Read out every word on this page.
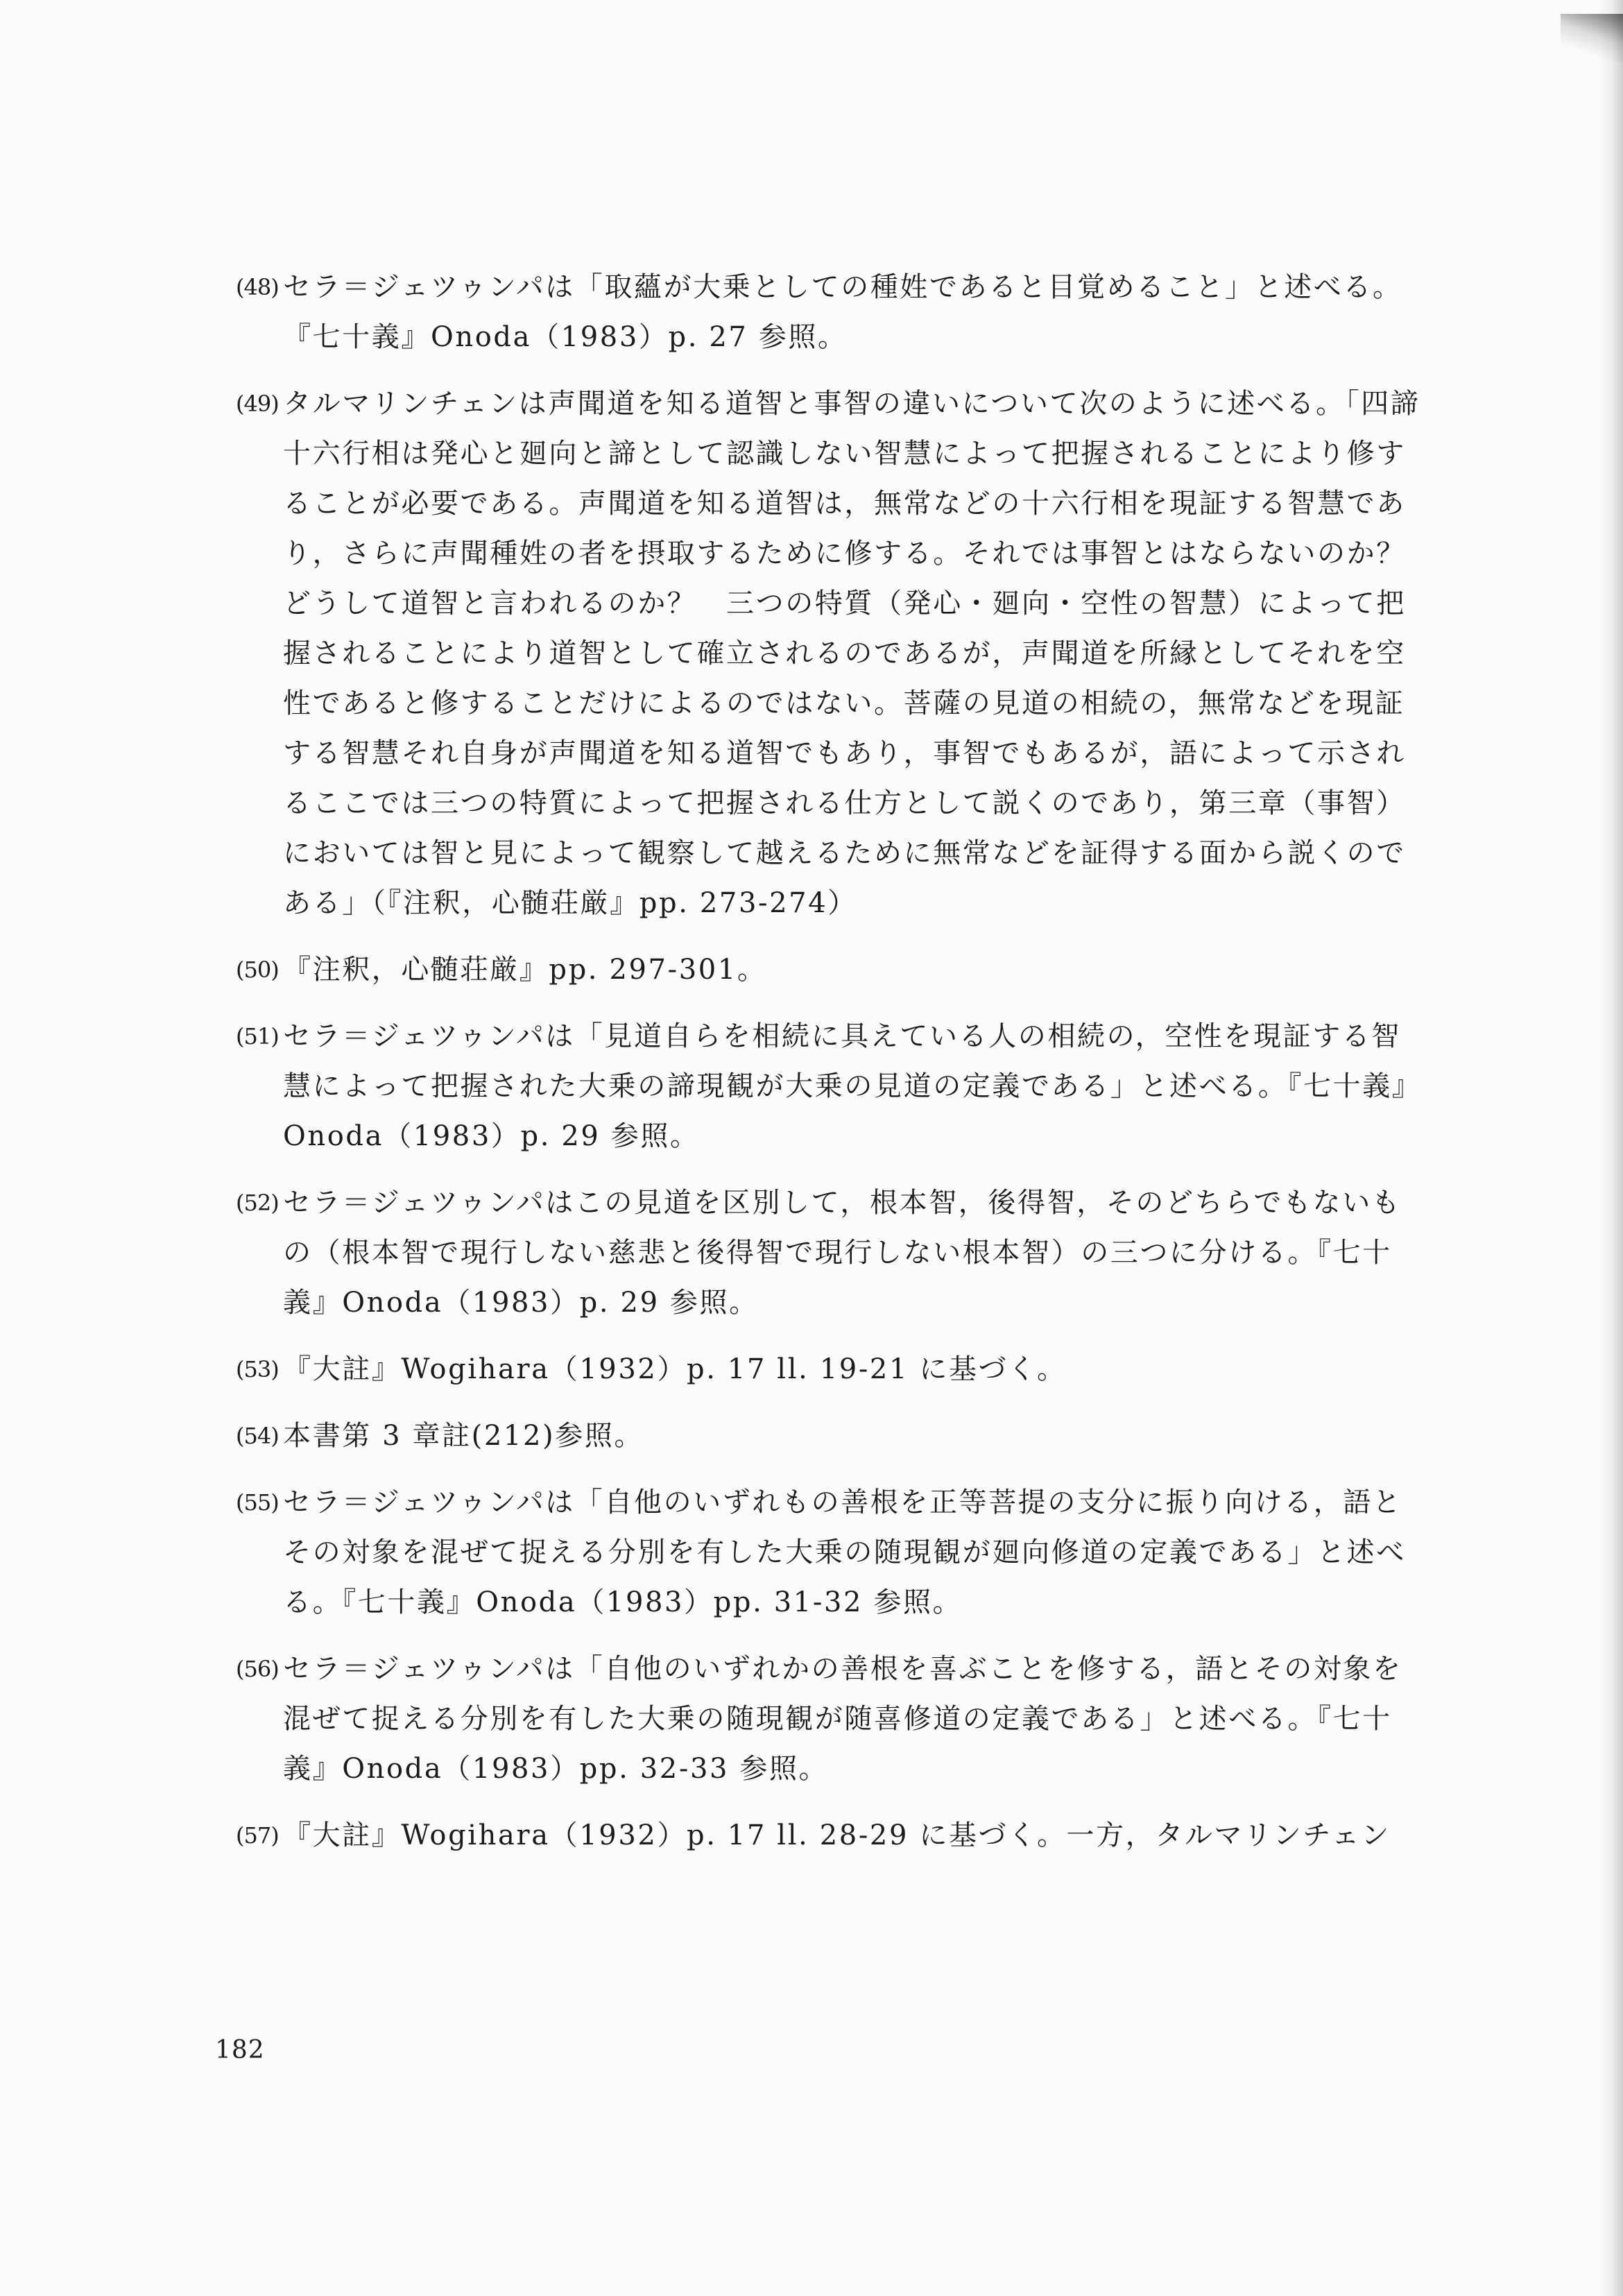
(48) セラ＝ジェツゥンパは「取蘊が大乗としての種姓であると目覚めること」と述べる。『七十義』Onoda（1983）p. 27 参照。
(49) タルマリンチェンは声聞道を知る道智と事智の違いについて次のように述べる。「四諦十六行相は発心と廻向と諦として認識しない智慧によって把握されることにより修することが必要である。声聞道を知る道智は，無常などの十六行相を現証する智慧であり，さらに声聞種姓の者を摂取するために修する。それでは事智とはならないのか？　どうして道智と言われるのか？　三つの特質（発心・廻向・空性の智慧）によって把握されることにより道智として確立されるのであるが，声聞道を所縁としてそれを空性であると修することだけによるのではない。菩薩の見道の相続の，無常などを現証する智慧それ自身が声聞道を知る道智でもあり，事智でもあるが，語によって示されるここでは三つの特質によって把握される仕方として説くのであり，第三章（事智）においては智と見によって観察して越えるために無常などを証得する面から説くのである」（『注釈，心髄荘厳』pp. 273-274）
(50) 『注釈，心髄荘厳』pp. 297-301。
(51) セラ＝ジェツゥンパは「見道自らを相続に具えている人の相続の，空性を現証する智慧によって把握された大乗の諦現観が大乗の見道の定義である」と述べる。『七十義』Onoda（1983）p. 29 参照。
(52) セラ＝ジェツゥンパはこの見道を区別して，根本智，後得智，そのどちらでもないもの（根本智で現行しない慈悲と後得智で現行しない根本智）の三つに分ける。『七十義』Onoda（1983）p. 29 参照。
(53) 『大註』Wogihara（1932）p. 17 ll. 19-21 に基づく。
(54) 本書第 3 章註(212)参照。
(55) セラ＝ジェツゥンパは「自他のいずれもの善根を正等菩提の支分に振り向ける，語とその対象を混ぜて捉える分別を有した大乗の随現観が廻向修道の定義である」と述べる。『七十義』Onoda（1983）pp. 31-32 参照。
(56) セラ＝ジェツゥンパは「自他のいずれかの善根を喜ぶことを修する，語とその対象を混ぜて捉える分別を有した大乗の随現観が随喜修道の定義である」と述べる。『七十義』Onoda（1983）pp. 32-33 参照。
(57) 『大註』Wogihara（1932）p. 17 ll. 28-29 に基づく。一方，タルマリンチェン
182
